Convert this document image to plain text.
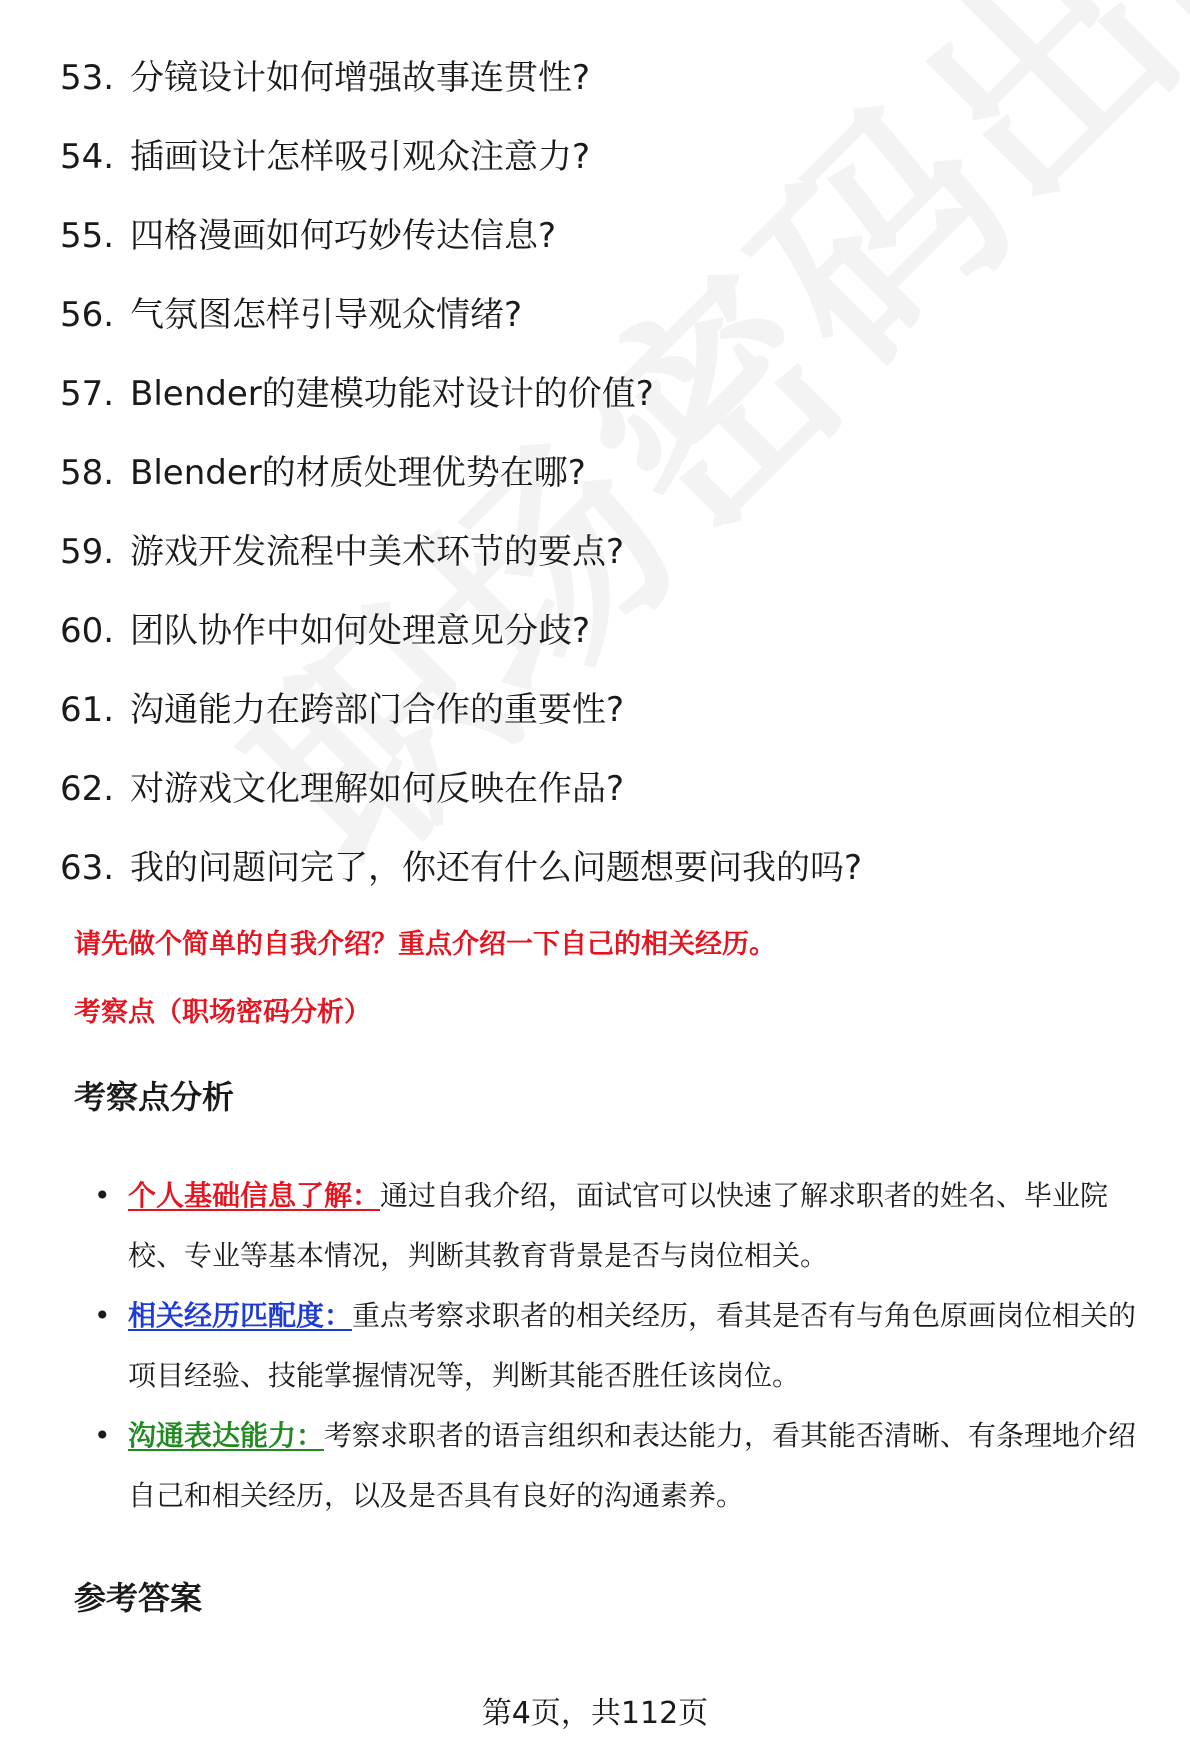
53. 分镜设计如何增强故事连贯性?
54. 插画设计怎样吸引观众注意力?
55. 四格漫画如何巧妙传达信息?
56. 气氛图怎样引导观众情绪?
57. Blender的建模功能对设计的价值?
58. Blender的材质处理优势在哪?
59. 游戏开发流程中美术环节的要点?
60. 团队协作中如何处理意见分歧?
61. 沟通能力在跨部门合作的重要性?
62. 对游戏文化理解如何反映在作品?
63. 我的问题问完了，你还有什么问题想要问我的吗?
请先做个简单的自我介绍？重点介绍一下自己的相关经历。
考察点（职场密码分析）
考察点分析
• 个人基础信息了解：通过自我介绍，面试官可以快速了解求职者的姓名、毕业院校、专业等基本情况，判断其教育背景是否与岗位相关。
• 相关经历匹配度：重点考察求职者的相关经历，看其是否有与角色原画岗位相关的项目经验、技能掌握情况等，判断其能否胜任该岗位。
• 沟通表达能力：考察求职者的语言组织和表达能力，看其能否清晰、有条理地介绍自己和相关经历，以及是否具有良好的沟通素养。
参考答案
第4页，共112页
